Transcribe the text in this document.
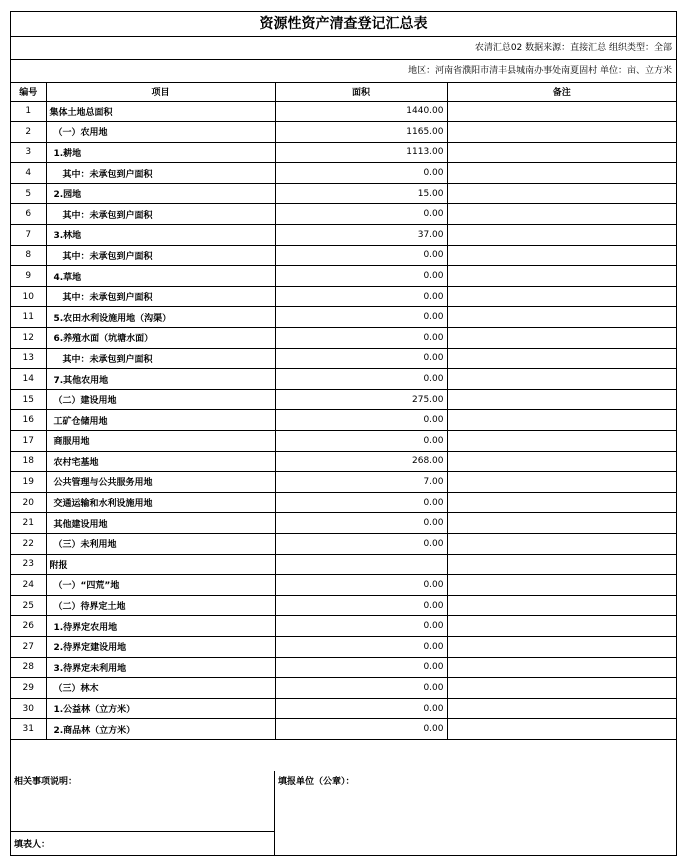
资源性资产清查登记汇总表
农清汇总02 数据来源：直接汇总 组织类型：全部
地区：河南省濮阳市清丰县城南办事处南夏固村 单位：亩、立方米
编号	项目	面积	备注
1	集体土地总面积	1440.00	
2	（一）农用地	1165.00	
3	1.耕地	1113.00	
4	其中：未承包到户面积	0.00	
5	2.园地	15.00	
6	其中：未承包到户面积	0.00	
7	3.林地	37.00	
8	其中：未承包到户面积	0.00	
9	4.草地	0.00	
10	其中：未承包到户面积	0.00	
11	5.农田水利设施用地（沟渠）	0.00	
12	6.养殖水面（坑塘水面）	0.00	
13	其中：未承包到户面积	0.00	
14	7.其他农用地	0.00	
15	（二）建设用地	275.00	
16	工矿仓储用地	0.00	
17	商服用地	0.00	
18	农村宅基地	268.00	
19	公共管理与公共服务用地	7.00	
20	交通运输和水利设施用地	0.00	
21	其他建设用地	0.00	
22	（三）未利用地	0.00	
23	附报		
24	（一）“四荒”地	0.00	
25	（二）待界定土地	0.00	
26	1.待界定农用地	0.00	
27	2.待界定建设用地	0.00	
28	3.待界定未利用地	0.00	
29	（三）林木	0.00	
30	1.公益林（立方米）	0.00	
31	2.商品林（立方米）	0.00	
相关事项说明：
填表人：
填报单位（公章）：
